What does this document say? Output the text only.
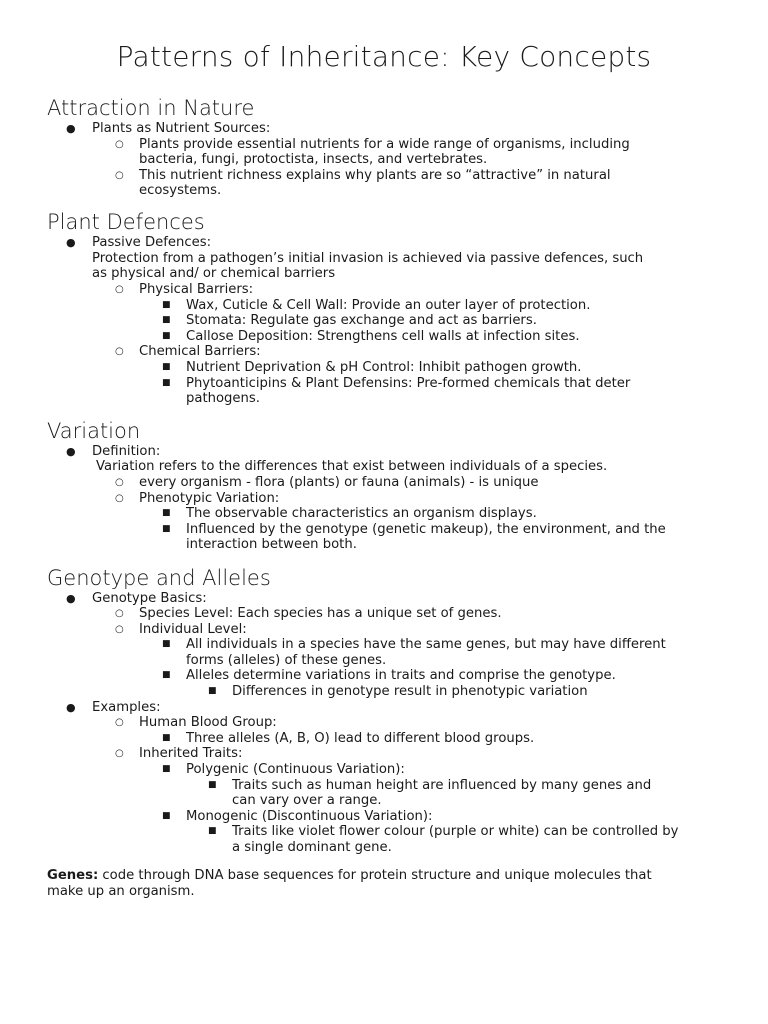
Patterns of Inheritance: Key Concepts
Attraction in Nature
● Plants as Nutrient Sources:
○ Plants provide essential nutrients for a wide range of organisms, including
bacteria, fungi, protoctista, insects, and vertebrates.
○ This nutrient richness explains why plants are so “attractive” in natural
ecosystems.
Plant Defences
● Passive Defences:
Protection from a pathogen’s initial invasion is achieved via passive defences, such
as physical and/ or chemical barriers
○ Physical Barriers:
■ Wax, Cuticle & Cell Wall: Provide an outer layer of protection.
■ Stomata: Regulate gas exchange and act as barriers.
■ Callose Deposition: Strengthens cell walls at infection sites.
○ Chemical Barriers:
■ Nutrient Deprivation & pH Control: Inhibit pathogen growth.
■ Phytoanticipins & Plant Defensins: Pre-formed chemicals that deter
pathogens.
Variation
● Definition:
Variation refers to the differences that exist between individuals of a species.
○ every organism - flora (plants) or fauna (animals) - is unique
○ Phenotypic Variation:
■ The observable characteristics an organism displays.
■ Influenced by the genotype (genetic makeup), the environment, and the
interaction between both.
Genotype and Alleles
● Genotype Basics:
○ Species Level: Each species has a unique set of genes.
○ Individual Level:
■ All individuals in a species have the same genes, but may have different
forms (alleles) of these genes.
■ Alleles determine variations in traits and comprise the genotype.
■ Differences in genotype result in phenotypic variation
● Examples:
○ Human Blood Group:
■ Three alleles (A, B, O) lead to different blood groups.
○ Inherited Traits:
■ Polygenic (Continuous Variation):
■ Traits such as human height are influenced by many genes and
can vary over a range.
■ Monogenic (Discontinuous Variation):
■ Traits like violet flower colour (purple or white) can be controlled by
a single dominant gene.
Genes: code through DNA base sequences for protein structure and unique molecules that
make up an organism.
